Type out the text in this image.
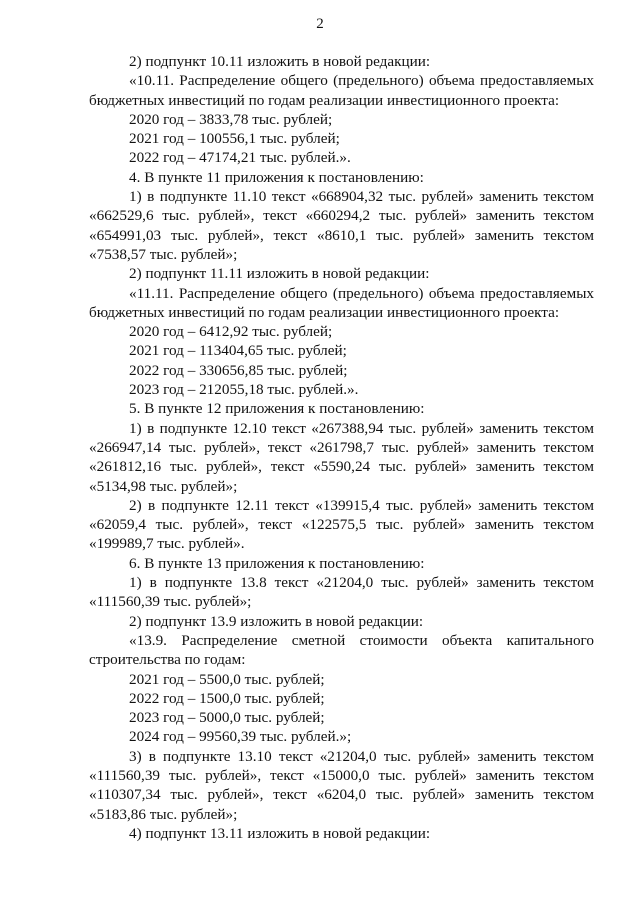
2

2) подпункт 10.11 изложить в новой редакции:

«10.11. Распределение общего (предельного) объема предоставляемых бюджетных инвестиций по годам реализации инвестиционного проекта:

2020 год – 3833,78 тыс. рублей;

2021 год – 100556,1 тыс. рублей;

2022 год – 47174,21 тыс. рублей.».

4. В пункте 11 приложения к постановлению:

1) в подпункте 11.10 текст «668904,32 тыс. рублей» заменить текстом «662529,6 тыс. рублей», текст «660294,2 тыс. рублей» заменить текстом «654991,03 тыс. рублей», текст «8610,1 тыс. рублей» заменить текстом «7538,57 тыс. рублей»;

2) подпункт 11.11 изложить в новой редакции:

«11.11. Распределение общего (предельного) объема предоставляемых бюджетных инвестиций по годам реализации инвестиционного проекта:

2020 год – 6412,92 тыс. рублей;

2021 год – 113404,65 тыс. рублей;

2022 год – 330656,85 тыс. рублей;

2023 год – 212055,18 тыс. рублей.».

5. В пункте 12 приложения к постановлению:

1) в подпункте 12.10 текст «267388,94 тыс. рублей» заменить текстом «266947,14 тыс. рублей», текст «261798,7 тыс. рублей» заменить текстом «261812,16 тыс. рублей», текст «5590,24 тыс. рублей» заменить текстом «5134,98 тыс. рублей»;

2) в подпункте 12.11 текст «139915,4 тыс. рублей» заменить текстом «62059,4 тыс. рублей», текст «122575,5 тыс. рублей» заменить текстом «199989,7 тыс. рублей».

6. В пункте 13 приложения к постановлению:

1) в подпункте 13.8 текст «21204,0 тыс. рублей» заменить текстом «111560,39 тыс. рублей»;

2) подпункт 13.9 изложить в новой редакции:

«13.9. Распределение сметной стоимости объекта капитального строительства по годам:

2021 год – 5500,0 тыс. рублей;

2022 год – 1500,0 тыс. рублей;

2023 год – 5000,0 тыс. рублей;

2024 год – 99560,39 тыс. рублей.»;

3) в подпункте 13.10 текст «21204,0 тыс. рублей» заменить текстом «111560,39 тыс. рублей», текст «15000,0 тыс. рублей» заменить текстом «110307,34 тыс. рублей», текст «6204,0 тыс. рублей» заменить текстом «5183,86 тыс. рублей»;

4) подпункт 13.11 изложить в новой редакции:
